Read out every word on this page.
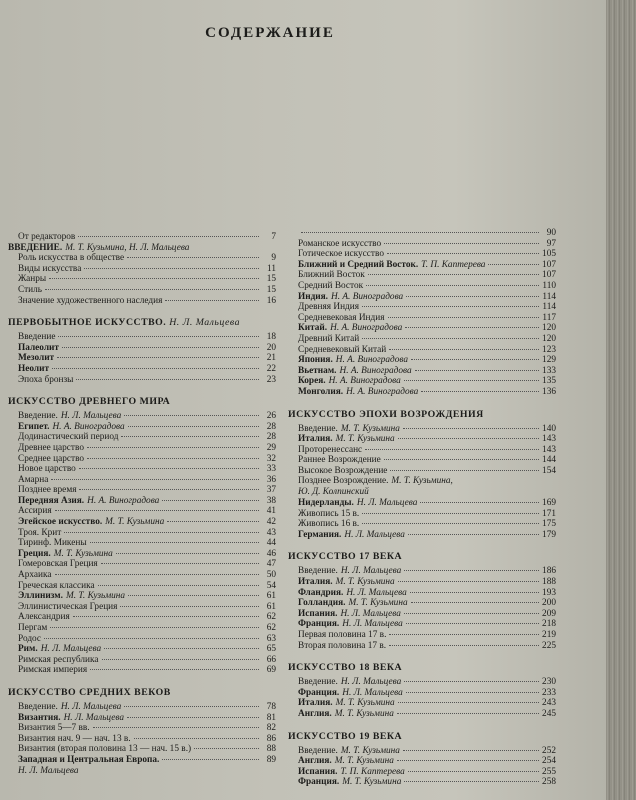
СОДЕРЖАНИЕ
От редакторов	7
ВВЕДЕНИЕ. М. Т. Кузьмина, Н. Л. Мальцева
Роль искусства в обществе	9
Виды искусства	11
Жанры	15
Стиль	15
Значение художественного наследия	16
ПЕРВОБЫТНОЕ ИСКУССТВО. Н. Л. Мальцева
Введение	18
Палеолит	20
Мезолит	21
Неолит	22
Эпоха бронзы	23
ИСКУССТВО ДРЕВНЕГО МИРА
Введение. Н. Л. Мальцева	26
Египет. Н. А. Виноградова	28
Додинастический период	28
Древнее царство	29
Среднее царство	32
Новое царство	33
Амарна	36
Позднее время	37
Передняя Азия. Н. А. Виноградова	38
Ассирия	41
Эгейское искусство. М. Т. Кузьмина	42
Троя. Крит	43
Тиринф. Микены	44
Греция. М. Т. Кузьмина	46
Гомеровская Греция	47
Архаика	50
Греческая классика	54
Эллинизм. М. Т. Кузьмина	61
Эллинистическая Греция	61
Александрия	62
Пергам	62
Родос	63
Рим. Н. Л. Мальцева	65
Римская республика	66
Римская империя	69
ИСКУССТВО СРЕДНИХ ВЕКОВ
Введение. Н. Л. Мальцева	78
Византия. Н. Л. Мальцева	81
Византия 5—7 вв.	82
Византия нач. 9 — нач. 13 в.	86
Византия (вторая половина 13 — нач. 15 в.)	88
Западная и Центральная Европа.	89
Н. Л. Мальцева
90
Романское искусство	97
Готическое искусство	105
Ближний и Средний Восток. Т. П. Каптерева	107
Ближний Восток	107
Средний Восток	110
Индия. Н. А. Виноградова	114
Древняя Индия	114
Средневековая Индия	117
Китай. Н. А. Виноградова	120
Древний Китай	120
Средневековый Китай	123
Япония. Н. А. Виноградова	129
Вьетнам. Н. А. Виноградова	133
Корея. Н. А. Виноградова	135
Монголия. Н. А. Виноградова	136
ИСКУССТВО ЭПОХИ ВОЗРОЖДЕНИЯ
Введение. М. Т. Кузьмина	140
Италия. М. Т. Кузьмина	143
Проторенессанс	143
Раннее Возрождение	144
Высокое Возрождение	154
Позднее Возрождение. М. Т. Кузьмина,
Ю. Д. Колпинский
Нидерланды. Н. Л. Мальцева	169
Живопись 15 в.	171
Живопись 16 в.	175
Германия. Н. Л. Мальцева	179
ИСКУССТВО 17 ВЕКА
Введение. Н. Л. Мальцева	186
Италия. М. Т. Кузьмина	188
Фландрия. Н. Л. Мальцева	193
Голландия. М. Т. Кузьмина	200
Испания. Н. Л. Мальцева	209
Франция. Н. Л. Мальцева	218
Первая половина 17 в.	219
Вторая половина 17 в.	225
ИСКУССТВО 18 ВЕКА
Введение. Н. Л. Мальцева	230
Франция. Н. Л. Мальцева	233
Италия. М. Т. Кузьмина	243
Англия. М. Т. Кузьмина	245
ИСКУССТВО 19 ВЕКА
Введение. М. Т. Кузьмина	252
Англия. М. Т. Кузьмина	254
Испания. Т. П. Каптерева	255
Франция. М. Т. Кузьмина	258
